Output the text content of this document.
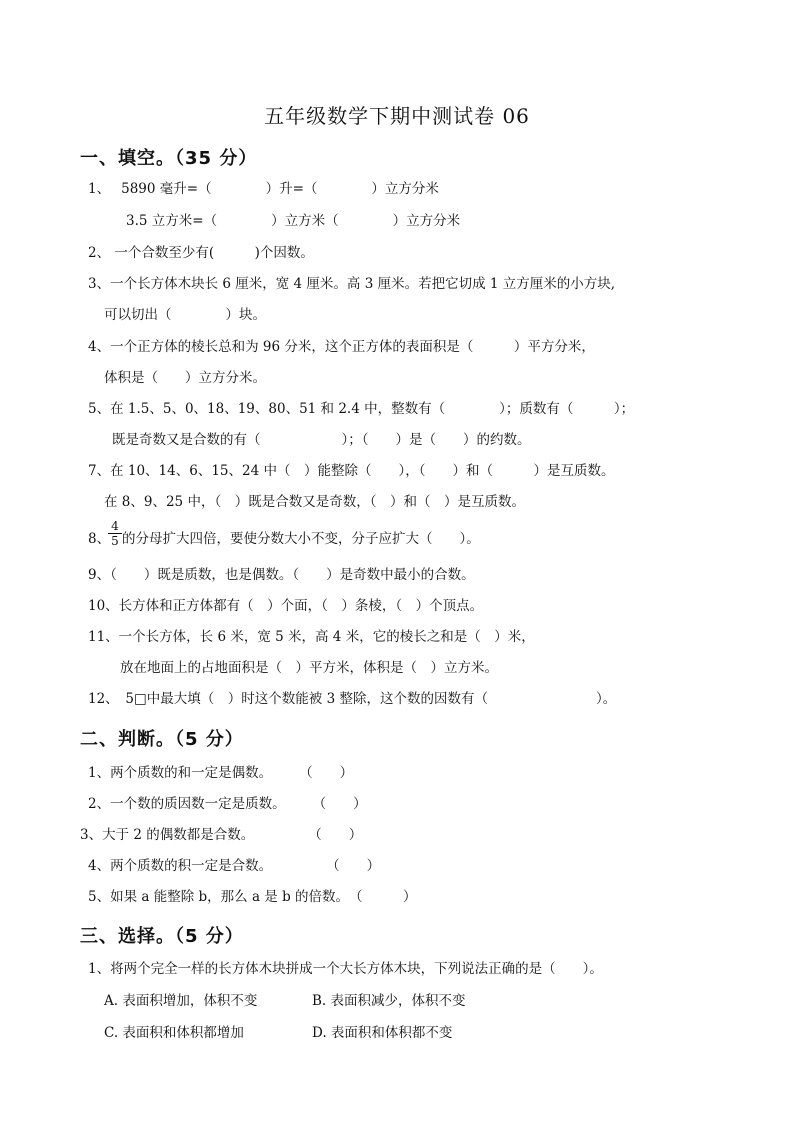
五年级数学下期中测试卷 06
一、填空。（35 分）
1、　 5890 毫升=（　　　　）升=（　　　　）立方分米
3.5 立方米=（　　　　）立方米（　　　　）立方分米
2、 一个合数至少有(　　　)个因数。
3、一个长方体木块长 6 厘米，宽 4 厘米。高 3 厘米。若把它切成 1 立方厘米的小方块,
可以切出（　　　　）块。
4、一个正方体的棱长总和为 96 分米，这个正方体的表面积是（　　　）平方分米，
体积是（　　）立方分米。
5、在 1.5、5、0、18、19、80、51 和 2.4 中，整数有（　　　　）；质数有（　　　）；
既是奇数又是合数的有（　　　　　　）；（　　）是（　　）的约数。
7、在 10、14、6、15、24 中（　）能整除（　　），（　　）和（　　　）是互质数。
在 8、9、25 中，（　）既是合数又是奇数，（　）和（　）是互质数。
8、 的分母扩大四倍，要使分数大小不变，分子应扩大（　　）。
$\frac{4}{5}$
9、（　　）既是质数，也是偶数。（　　）是奇数中最小的合数。
10、长方体和正方体都有（　）个面，（　）条棱，（　）个顶点。
11、一个长方体，长 6 米，宽 5 米，高 4 米，它的棱长之和是（　）米，
放在地面上的占地面积是（　）平方米，体积是（　）立方米。
12、　5□中最大填（　）时这个数能被 3 整除，这个数的因数有（　　　　　　　　）。
二、判断。（5 分）
1、两个质数的和一定是偶数。　　　（　　）
2、一个数的质因数一定是质数。　　　（　　）
3、大于 2 的偶数都是合数。　　　　　（　　）
4、两个质数的积一定是合数。　　　　　（　　）
5、如果 a 能整除 b，那么 a 是 b 的倍数。　（　　　）
三、选择。（5 分）
1、将两个完全一样的长方体木块拼成一个大长方体木块，下列说法正确的是（　　）。
A. 表面积增加，体积不变	B. 表面积减少，体积不变
C. 表面积和体积都增加	D. 表面积和体积都不变
